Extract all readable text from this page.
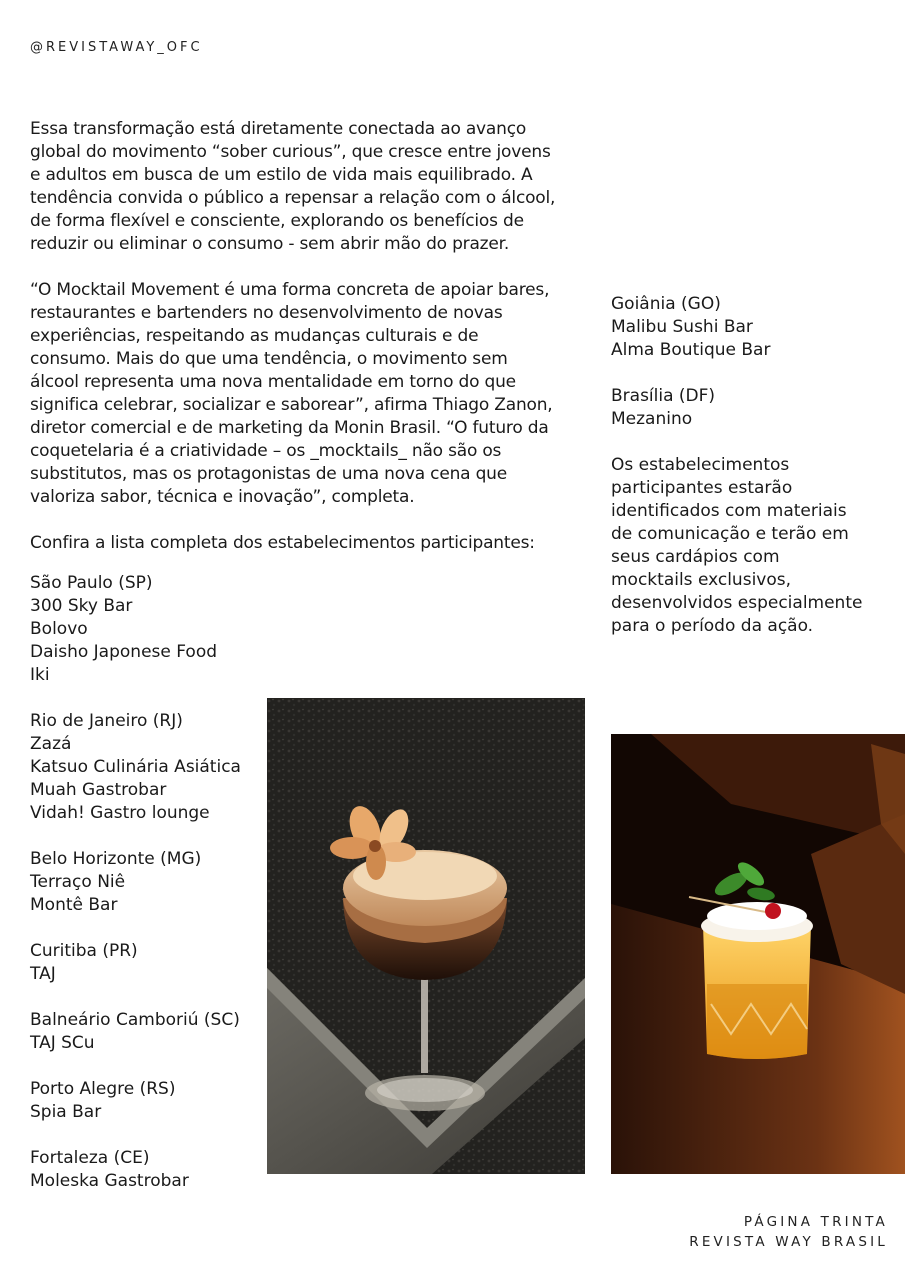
@REVISTAWAY_OFC

Essa transformação está diretamente conectada ao avanço
global do movimento “sober curious”, que cresce entre jovens
e adultos em busca de um estilo de vida mais equilibrado. A
tendência convida o público a repensar a relação com o álcool,
de forma flexível e consciente, explorando os benefícios de
reduzir ou eliminar o consumo - sem abrir mão do prazer.

“O Mocktail Movement é uma forma concreta de apoiar bares,
restaurantes e bartenders no desenvolvimento de novas
experiências, respeitando as mudanças culturais e de
consumo. Mais do que uma tendência, o movimento sem
álcool representa uma nova mentalidade em torno do que
significa celebrar, socializar e saborear”, afirma Thiago Zanon,
diretor comercial e de marketing da Monin Brasil. “O futuro da
coquetelaria é a criatividade – os _mocktails_ não são os
substitutos, mas os protagonistas de uma nova cena que
valoriza sabor, técnica e inovação”, completa.

Confira a lista completa dos estabelecimentos participantes:

São Paulo (SP)
300 Sky Bar
Bolovo
Daisho Japonese Food
Iki
Rio de Janeiro (RJ)
Zazá
Katsuo Culinária Asiática
Muah Gastrobar
Vidah! Gastro lounge
Belo Horizonte (MG)
Terraço Niê
Montê Bar
Curitiba (PR)
TAJ
Balneário Camboriú (SC)
TAJ SCu
Porto Alegre (RS)
Spia Bar
Fortaleza (CE)
Moleska Gastrobar
Goiânia (GO)
Malibu Sushi Bar
Alma Boutique Bar
Brasília (DF)
Mezanino

Os estabelecimentos
participantes estarão
identificados com materiais
de comunicação e terão em
seus cardápios com
mocktails exclusivos,
desenvolvidos especialmente
para o período da ação.

PÁGINA TRINTA
REVISTA WAY BRASIL
